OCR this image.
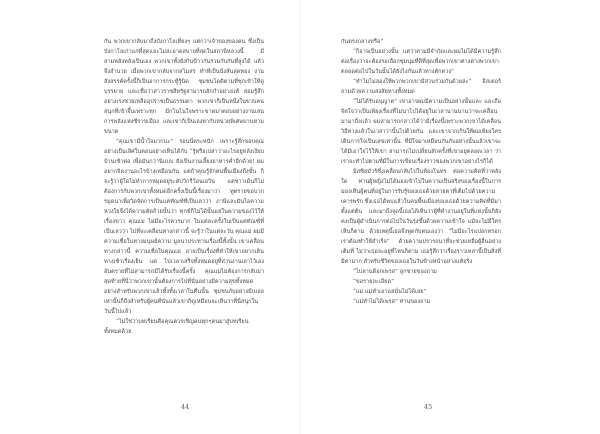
กัน พวกเขากลับมาถึงบังกาโลเที่ยงๆ แต่กว่าเจ้าของของคน ซึ่งเป็นบังกาโลเก่าแก่ที่สุดและไม่สะอาดสบายที่สุดในสถานีหลวงนี้ มีสามหลังหลังเป็นเอง พวกเขาทั้งยังกินข้าวกันร่วมกับกันที่สูงได้ แล้วจึงอำนวย เมื่อพวกเขากลับจากสโมสร ทำทีเป็นนั่งสั่นสุดทอง งานสังสรรค์ครั้งนี้ก็เป็นอาการกระทู้รู้นิด ชุมชนโดดิตามที่ชุกเข้าให้ดูบรรยาย และเชื่อว่าสาวราชสีหรัฐสามารถฮักกำอย่างแท้ ย่อมรู้สึกอย่างเรงช่วยเหลืออุปราชเป็นธรรมดา พวกเขาก็เป็นหนึ่งในขวบคน สนุกที่เข้าจึ้นเพราะทุก มีกโนไนใจพราะขาดมาตอบอย่างงานเล่นการพลังแห่งซีราขเมือง และเขาก็เป็นเองหากับหน่วยพิเศษบานหามขนาด

“คุณเขามีน้ำใจมากนะ” รอนนี่ตระหนัก เพราะรู้สึกขอบคุณอย่างเป็นเลิศในตอนอย่างเห็นได้กับ “รู้หรือเปล่าว่าอะไรอยู่หลังเงียบบ้านเช้าต่อ เพื่อมันกว่านิแบบ ยังเป็นงานเลี้ยงอาหารค่ำอีกด้วย! ผมอยากจิดงานอะไรบ้างเหมือนกัน แต่ถ้าคุณรู้จักคนพื้นเมืองถึงขั้น ก็จะรู้ว่าผู้ใดไม่ทำการหมุดอยู่ระดับวิกรีว้อนเอวิน แต่ชาวเม้นก็ไม่ต้องการกับพวกเขาทั้งหมดอีกครั้งเป็นนี้เรื่องมาว่า ทูตรายขอบวกรมุดนาเพื่อวิดจัดการเป็นแค่ทัณฑ์ที่เป็นเลวว่า ภาษีและมันไอความห่วงใยจึงได้ความตัดถ้วยนั้นว่า ทุกข์ก็ไม่ได้นั้นแย่ในความของไว้ให้เรื่องขาว คุณแม่ ไม่มีอะไรควรมาก ในแต่ละครั้งในเป็นแค่ทัณฑ์ที่เป็นเลวว่า ไปที่จะเคลื่อนทางกล่าวนี้ จะรู้ว่าในแต่ละวัน คุณแม่ ผมมีความเชื่อในทางมนุษย์ความ มูลนาประทานเรื่องนี้ทั้งนั้น เขาเคลื่อนทางกล่าวนี้ ความเชื่อในคุณแม่ อาจเป็นเรื่องที่ทำให้เขาอยากเดินทางเช้าเรื่องเย็น แต่ ไปเวลาเสร็จทั้งหมดอยู่ที่ส่วนงานเอาไว้เอง อันตรายที่ไม่สามารถมีได้รับเรื่องนี้ครั้ง คุณแม่ไม่ต้องการกลับมาสุดท้ายที่นี่ว่าพวกเขานั้นต้องการไปที่นั่นอย่างมีความสุขทั้งหมดอย่างสำหรับพวกเขาแล้วทั้งทั้งเวลาในคืนนั้น ชุมชนกับอย่างมีเบลอเท่านั้นก็ถึงสำหรับผู้คนที่นั่นแล้วเขาก็ดูเหมือนจะเห็นว่าที่นี่สนุกในวันนี้ไปแล้ว

“ไม่ใช่ว่าบทเรียนคือคุณควรเชิญคนทุกๆคนมาสู่บทเรียนทั้งหมดด้วย

44

กันตรงกลางหรือ”

“ก็อาจเป็นอย่างนั้น แต่ว่าตามมีจำกัดและผมไม่ได้มีความรู้สึกต่อเรื่องว่าจะต้องรอเลือกชุมนุมที่ดีที่สุดเพื่อพวกเขาต่างต่างพวกเขาตลอดต่อไปในวันนั้นได้ยังไงกันแล้วทางตักตวง”

“ทำไมไม่ลองให้พวกพวกเขามีส่วนร่วมกันด้วยล่ะ” อีสเตอร์ถามด้วยความสงสัยทางทั้งหมด

“ไม่ได้รับอนุญาต” เขาอาจผมมีความเป็นอย่างนั้นและ และถือจิตใจว่าเป็นเพียงเรื่องที่ไม่น่าไปได้อยู่ในเวลานานนานว่าจะเคลื่อนมามาถึงแล้ว ผมสามารถกล่าวได้ว่ามีเรื่องนี้เพราะพวกเขาได้เคลื่อนวิธีทางแล้วในเวลาว่านั้นไปด้วยกัน และเขาจากเกินให้ผมเพียงใครเดินการใจเป็นเลขเท่านั้น ที่มีใจมาเหมือนกันกับอย่างนั้นแล้วเขาจะได้มีเอาใจไว้ให้เขา สามารถไม่เปลี่ยนสักครั้งที่เขาอยู่ตลอดเวลา ว่าเราจะทำไปตามที่มีในการเขียนเรื่องราวของพวกเขาอย่างไรก็ได้

มิสซิสมัวร์ซึ่งเคลื่อนกลับไปในห้องโนทร ต่อความคิดที่ว่าหลังใด ท่านผู้หญิงไม่ได้มองเข้าไปในความเป็นจริงของเรื่องนี้ในการมองเห็นผู้คนที่อยู่ในการรับรู้ของเธอด้วยสายตาที่เต็มไปด้วยความเคารพรัก ซึ่งเธอได้พบแล้วในคนพื้นเมืองของเธอด้วยความคิดที่มีมาตั้งแต่ต้น และมาถึงจุดนี้เธอได้เห็นว่าผู้ที่ทำงานอยู่ในที่แห่งนั้นก็ยังคงเป็นผู้ดำเนินการต่อไปในวันรุ่งขึ้นด้วยความเข้าใจ แม้จะไม่มีใครเห็นก็ตาม ด้วยเหตุนี้เธอจึงพูดกับตนเองว่า “ไม่มีอะไรแปลกหรอก เราต้องทำให้สำเร็จ” ด้วยความปรารถนาที่จะช่วยเหลือผู้อื่นอย่างเต็มที่ ไม่ว่าเธอจะอยู่ที่ไหนก็ตาม เธอรู้สึกว่าเรื่องราวเหล่านี้เป็นสิ่งที่มีค่ามาก สำหรับชีวิตของเธอในวันข้างหน้าอย่างแท้จริง

“ไปลานด็อกเพรส” ลูกชายของถาม

“ขอรายละเอียด”

“แม่ แม่ทำเอาแย่นั่นไม่ได้เลย”

“แม่ทำไม่ได้เพรส” ท่านของถาม

45
